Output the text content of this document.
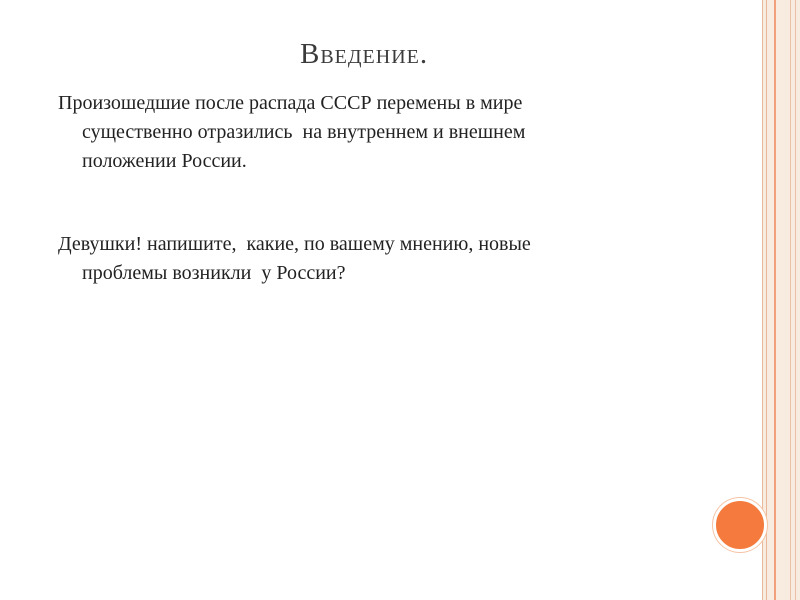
Введение.

Произошедшие после распада СССР перемены в мире
существенно отразились  на внутреннем и внешнем
положении России.

Девушки! напишите,  какие, по вашему мнению, новые
проблемы возникли  у России?
